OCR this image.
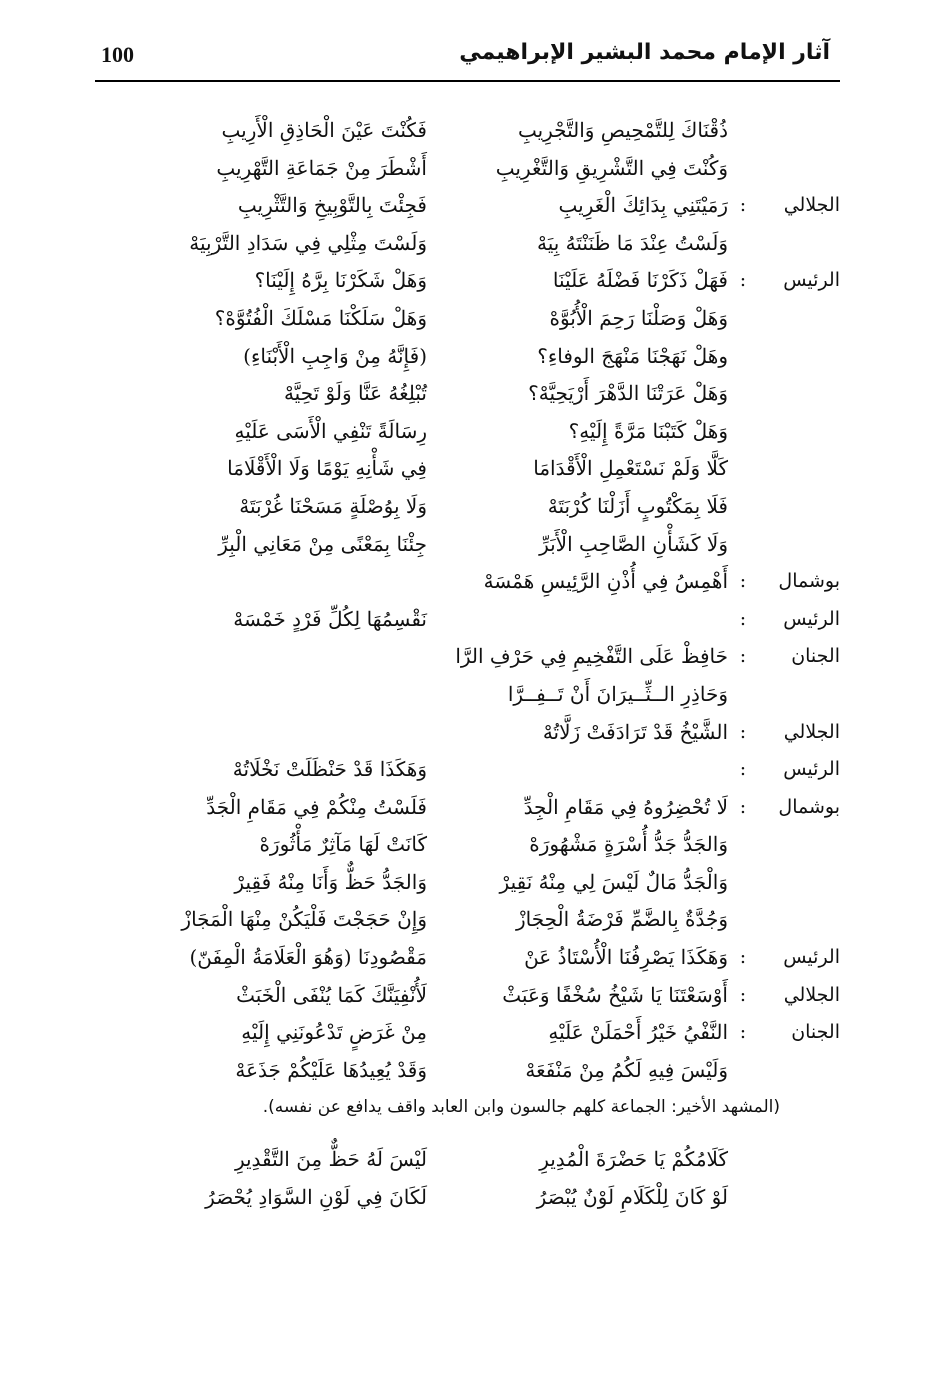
100	آثار الإمام محمد البشير الإبراهيمي
ذُقْنَاكَ لِلتَّمْحِيصِ وَالتَّجْرِيبِ
فَكُنْتَ عَيْنَ الْحَاذِقِ الْأَرِيبِ
وَكُنْتَ فِي التَّشْرِيقِ وَالتَّغْرِيبِ
أَشْطَرَ مِنْ جَمَاعَةِ التَّهْرِيبِ
الجلالي
:
رَمَيْتَنِي بِدَائِكَ الْغَرِيبِ
فَجِئْتَ بِالتَّوْبِيخِ وَالتَّثْرِيبِ
وَلَسْتُ عِنْدَ مَا ظَنَنْتَهُ بِيَهْ
وَلَسْتَ مِثْلِي فِي سَدَادِ التَّرْبِيَهْ
الرئيس
:
فَهَلْ ذَكَرْنَا فَضْلَهُ عَلَيْنَا
وَهَلْ شَكَرْنَا بِرَّهُ إِلَيْنَا؟
وَهَلْ وَصَلْنَا رَحِمَ الْأُبُوَّهْ
وَهَلْ سَلَكْنَا مَسْلَكَ الْفُتُوَّهْ؟
وهَلْ نَهَجْنَا مَنْهَجَ الوفاءِ؟
(فَإِنَّهُ مِنْ وَاجِبِ الْأَبْنَاءِ)
وَهَلْ عَرَتْنَا الدَّهْرَ أَرْيَحِيَّهْ؟
تُبْلِغُهُ عَنَّا وَلَوْ تَحِيَّهْ
وَهَلْ كَتَبْنَا مَرَّةً إِلَيْهِ؟
رِسَالَةً تَنْفِي الْأَسَى عَلَيْهِ
كَلَّا وَلَمْ نَسْتَعْمِلِ الْأَقْدَامَا
فِي شَأْنِهِ يَوْمًا وَلَا الْأَقْلَامَا
فَلَا بِمَكْتُوبٍ أَزَلْنَا كُرْبَتَهْ
وَلَا بِوُصْلَةٍ مَسَحْنَا غُرْبَتَهْ
وَلَا كَشَأْنِ الصَّاحِبِ الْأَبَرِّ
جِئْنَا بِمَعْنًى مِنْ مَعَانِي الْبِرِّ
بوشمال
:
أَهْمِسُ فِي أُذْنِ الرَّئِيسِ هَمْسَهْ
الرئيس
:
نَقْسِمُهَا لِكُلِّ فَرْدٍ خَمْسَهْ
الجنان
:
حَافِظْ عَلَى التَّفْخِيمِ فِي حَرْفِ الرَّا
وَحَاذِرِ الــثِّــيرَانَ أَنْ تَــفِــرَّا
الجلالي
:
الشَّيْخُ قَدْ تَرَادَفَتْ زَلَّاتُهْ
الرئيس
:
وَهَكَذَا قَدْ حَنْظَلَتْ نَخْلَاتُهْ
بوشمال
:
لَا تُحْضِرُوهُ فِي مَقَامِ الْجِدِّ
فَلَسْتُ مِنْكُمْ فِي مَقَامِ الْجَدِّ
وَالجَدُّ جَدُّ أُسْرَةٍ مَشْهُورَهْ
كَانَتْ لَهَا مَآثِرٌ مَأْثُورَهْ
وَالْجَدُّ مَالٌ لَيْسَ لِي مِنْهُ نَقِيرْ
وَالجَدُّ حَظٌّ وَأَنَا مِنْهُ فَقِيرْ
وَجُدَّةٌ بِالضَّمِّ فَرْضَةُ الْحِجَازْ
وَإِنْ حَجَجْتَ فَلْيَكُنْ مِنْهَا الْمَجَازْ
الرئيس
:
وَهَكَذَا يَصْرِفُنَا الْأُسْتَاذُ عَنْ
مَقْصُودِنَا (وَهُوَ الْعَلَامَةُ الْمِفَنّ)
الجلالي
:
أَوْسَعْتَنَا يَا شَيْخُ سُخْفًا وَعَبَثْ
لَأُنْفِيَنَّكَ كَمَا يُنْفَى الْخَبَثْ
الجنان
:
النَّفْيُ خَيْرُ أَحْمَلَنْ عَلَيْهِ
مِنْ غَرَضٍ تَدْعُونَنِي إِلَيْهِ
وَلَيْسَ فِيهِ لَكُمُ مِنْ مَنْفَعَهْ
وَقَدْ يُعِيدُهَا عَلَيْكُمْ جَذَعَهْ
(المشهد الأخير: الجماعة كلهم جالسون وابن العابد واقف يدافع عن نفسه).
كَلَامُكُمْ يَا حَضْرَةَ الْمُدِيرِ
لَيْسَ لَهُ حَظٌّ مِنَ التَّقْدِيرِ
لَوْ كَانَ لِلْكَلَامِ لَوْنٌ يُبْصَرُ
لَكَانَ فِي لَوْنِ السَّوَادِ يُحْصَرُ
